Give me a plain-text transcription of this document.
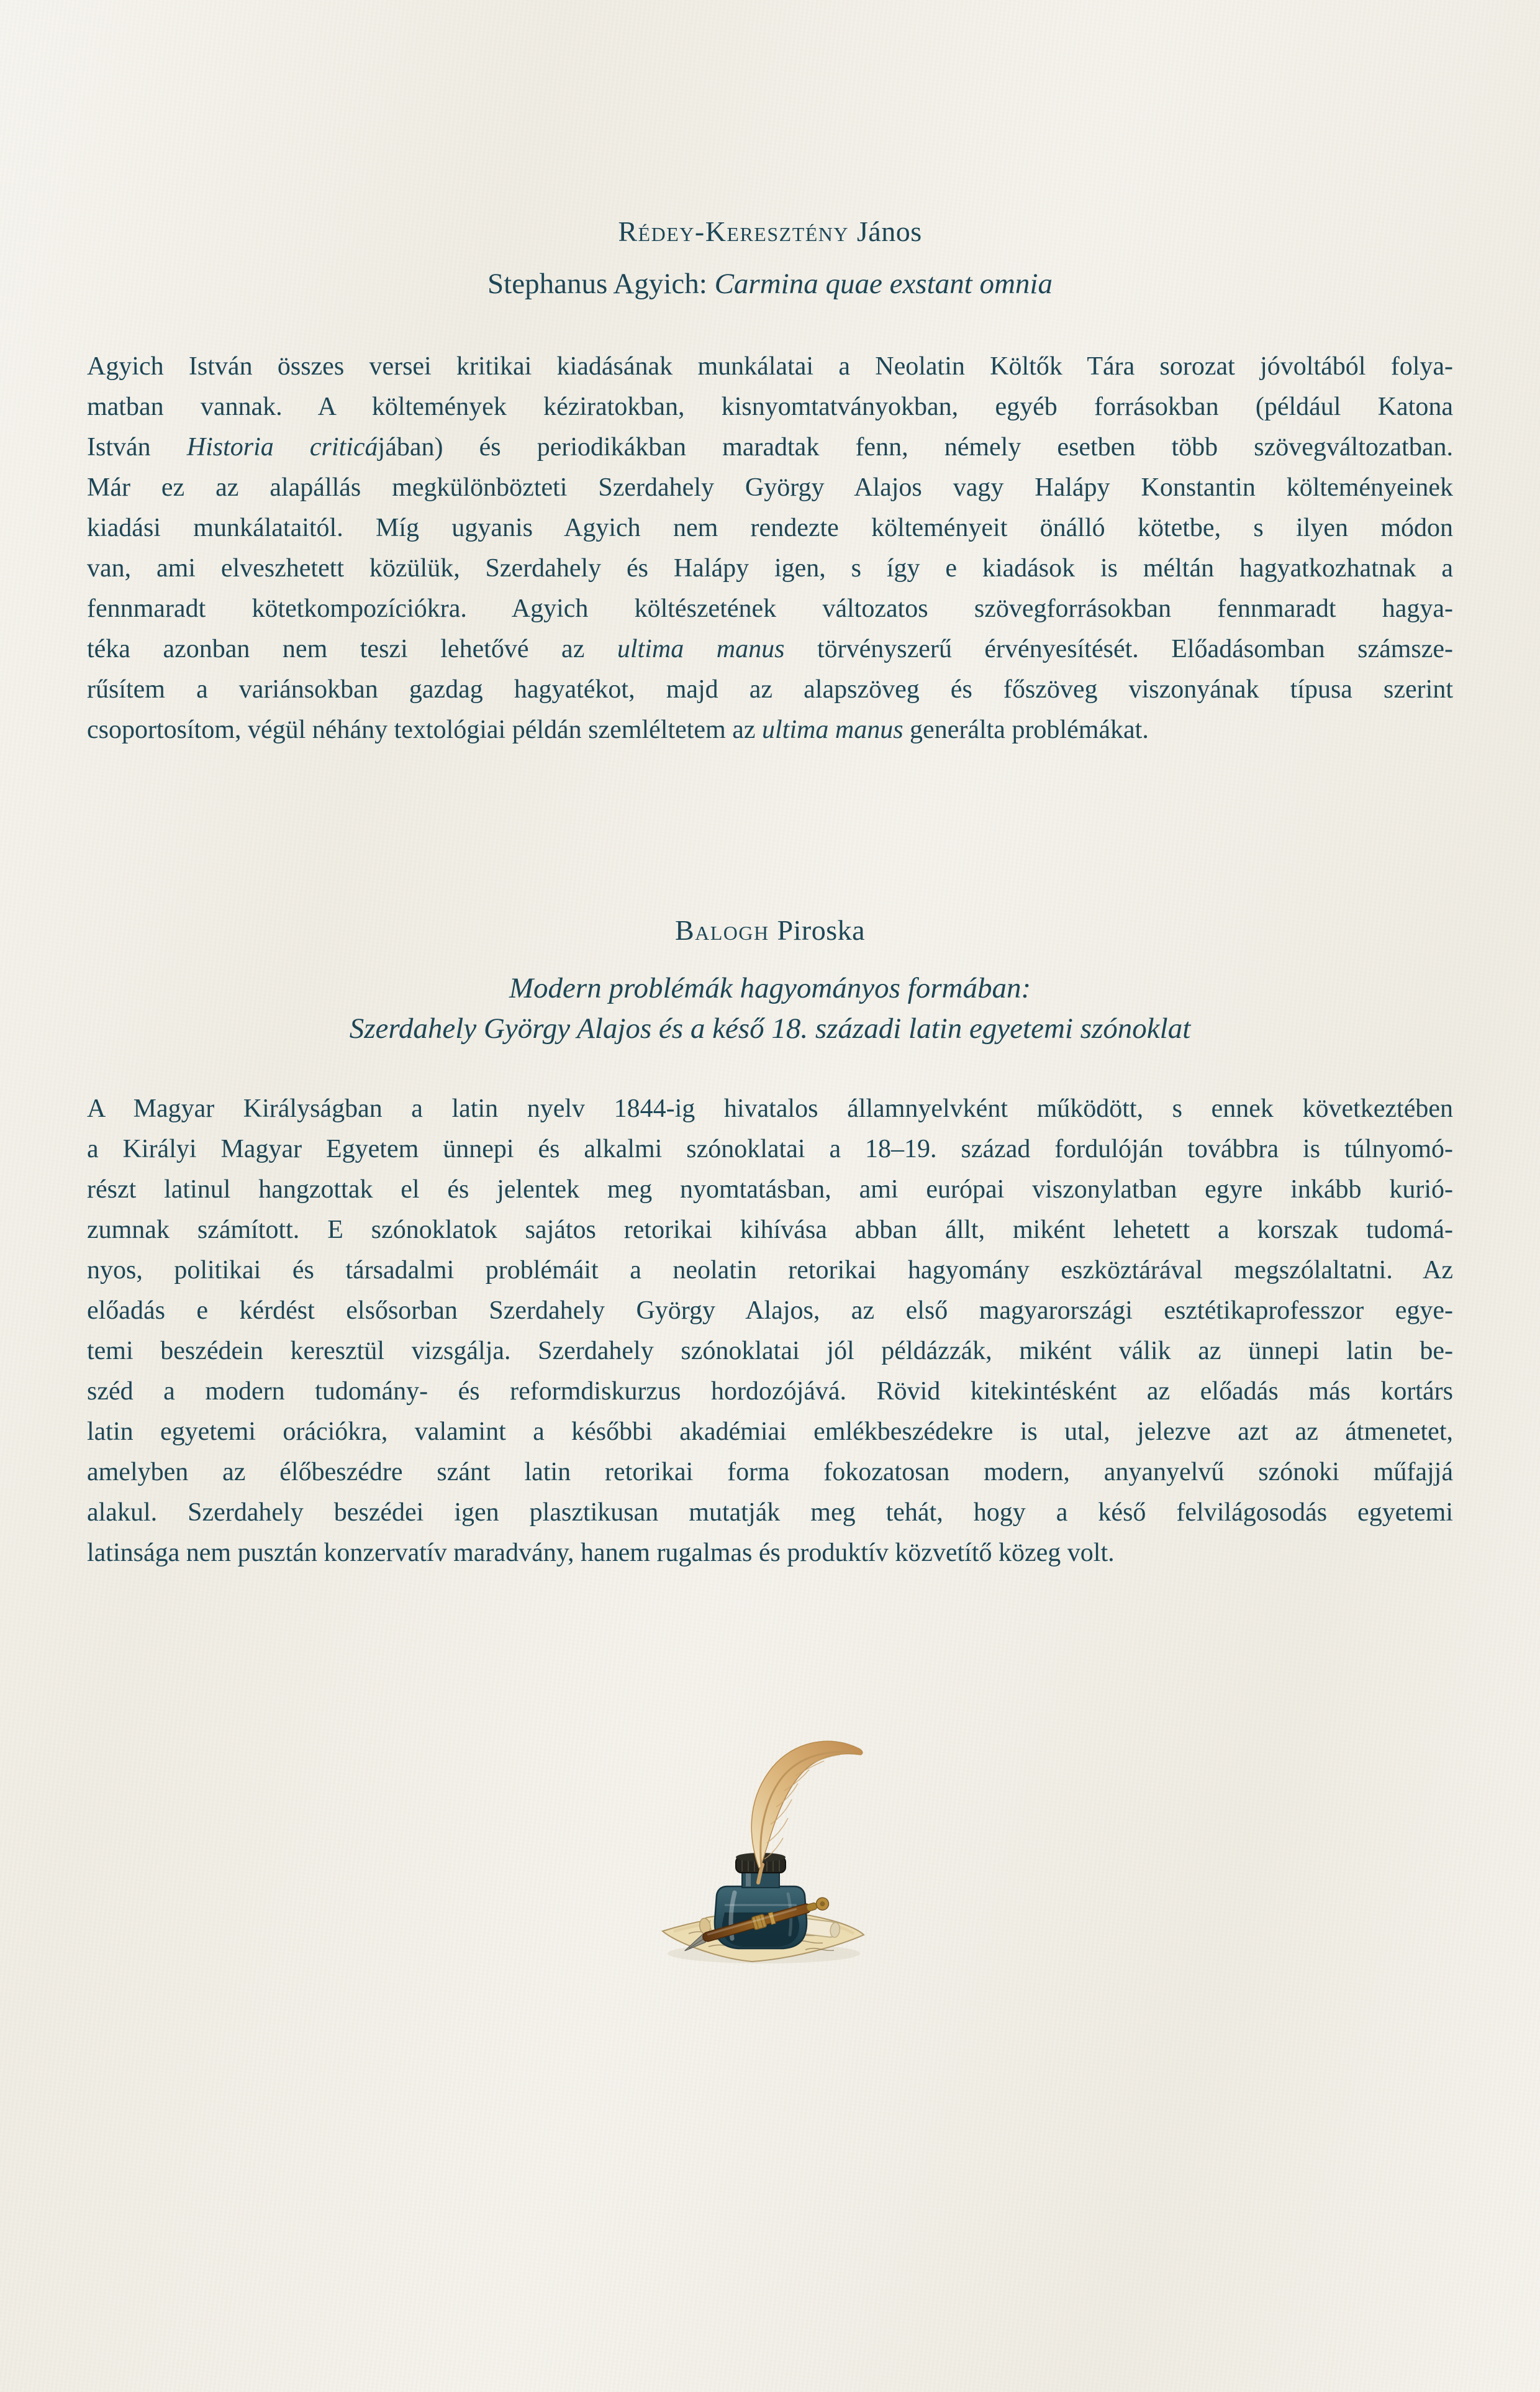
Rédey-Keresztény János
Stephanus Agyich: Carmina quae exstant omnia
Agyich István összes versei kritikai kiadásának munkálatai a Neolatin Költők Tára sorozat jóvoltából folya-
matban vannak. A költemények kéziratokban, kisnyomtatványokban, egyéb forrásokban (például Katona
István Historia criticájában) és periodikákban maradtak fenn, némely esetben több szövegváltozatban.
Már ez az alapállás megkülönbözteti Szerdahely György Alajos vagy Halápy Konstantin költeményeinek
kiadási munkálataitól. Míg ugyanis Agyich nem rendezte költeményeit önálló kötetbe, s ilyen módon
van, ami elveszhetett közülük, Szerdahely és Halápy igen, s így e kiadások is méltán hagyatkozhatnak a
fennmaradt kötetkompozíciókra. Agyich költészetének változatos szövegforrásokban fennmaradt hagya-
téka azonban nem teszi lehetővé az ultima manus törvényszerű érvényesítését. Előadásomban számsze-
rűsítem a variánsokban gazdag hagyatékot, majd az alapszöveg és főszöveg viszonyának típusa szerint
csoportosítom, végül néhány textológiai példán szemléltetem az ultima manus generálta problémákat.
Balogh Piroska
Modern problémák hagyományos formában:
Szerdahely György Alajos és a késő 18. századi latin egyetemi szónoklat
A Magyar Királyságban a latin nyelv 1844-ig hivatalos államnyelvként működött, s ennek következtében
a Királyi Magyar Egyetem ünnepi és alkalmi szónoklatai a 18–19. század fordulóján továbbra is túlnyomó-
részt latinul hangzottak el és jelentek meg nyomtatásban, ami európai viszonylatban egyre inkább kurió-
zumnak számított. E szónoklatok sajátos retorikai kihívása abban állt, miként lehetett a korszak tudomá-
nyos, politikai és társadalmi problémáit a neolatin retorikai hagyomány eszköztárával megszólaltatni. Az
előadás e kérdést elsősorban Szerdahely György Alajos, az első magyarországi esztétikaprofesszor egye-
temi beszédein keresztül vizsgálja. Szerdahely szónoklatai jól példázzák, miként válik az ünnepi latin be-
széd a modern tudomány- és reformdiskurzus hordozójává. Rövid kitekintésként az előadás más kortárs
latin egyetemi orációkra, valamint a későbbi akadémiai emlékbeszédekre is utal, jelezve azt az átmenetet,
amelyben az élőbeszédre szánt latin retorikai forma fokozatosan modern, anyanyelvű szónoki műfajjá
alakul. Szerdahely beszédei igen plasztikusan mutatják meg tehát, hogy a késő felvilágosodás egyetemi
latinsága nem pusztán konzervatív maradvány, hanem rugalmas és produktív közvetítő közeg volt.
